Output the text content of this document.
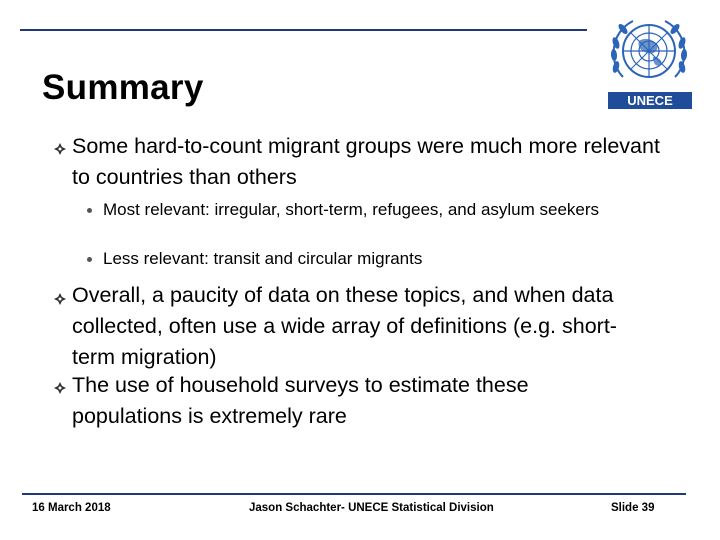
Summary	UNECE
Some hard-to-count migrant groups were much more relevant to countries than others
Most relevant: irregular, short-term, refugees, and asylum seekers
Less relevant: transit and circular migrants
Overall, a paucity of data on these topics, and when data collected, often use a wide array of definitions (e.g. short-term migration)
The use of household surveys to estimate these populations is extremely rare
16 March 2018	Jason Schachter- UNECE Statistical Division	Slide 39
